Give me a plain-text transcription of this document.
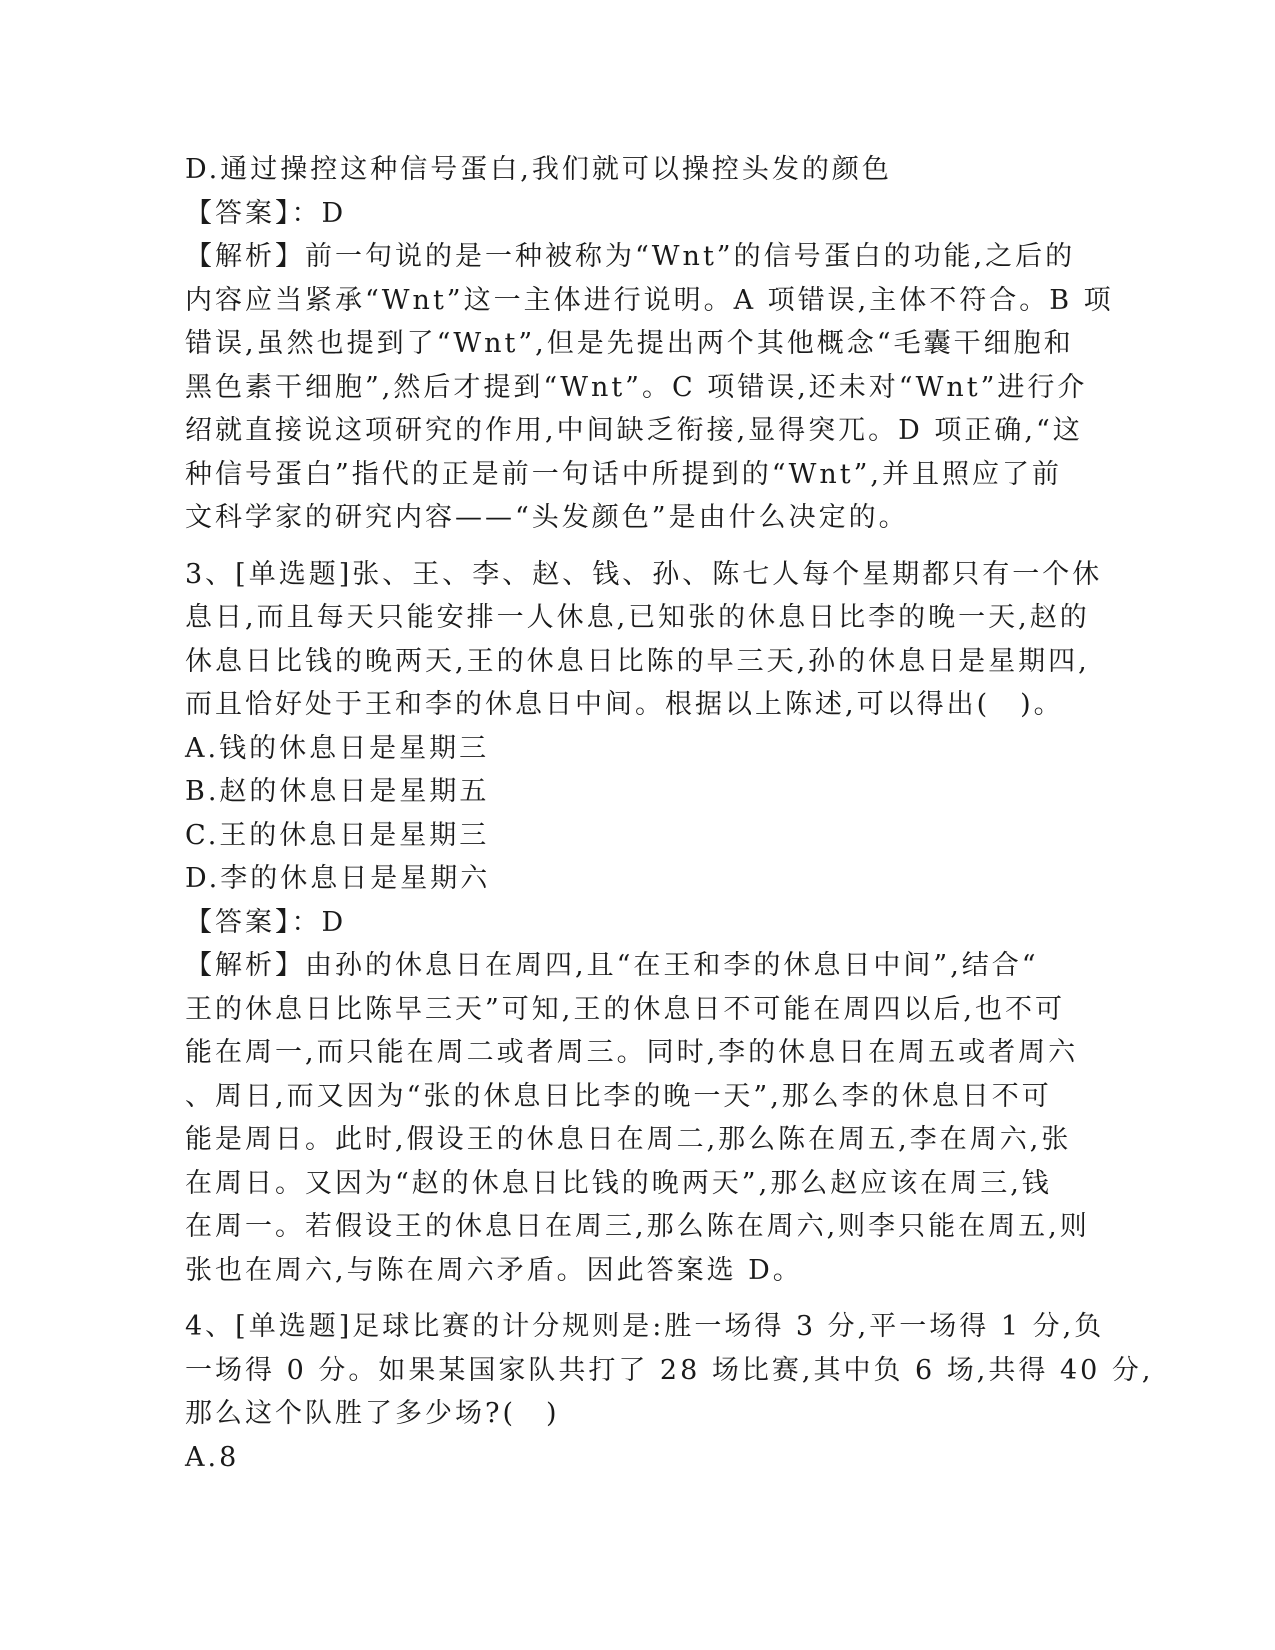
D.通过操控这种信号蛋白,我们就可以操控头发的颜色
【答案】：D
【解析】前一句说的是一种被称为“Wnt”的信号蛋白的功能,之后的
内容应当紧承“Wnt”这一主体进行说明。A 项错误,主体不符合。B 项
错误,虽然也提到了“Wnt”,但是先提出两个其他概念“毛囊干细胞和
黑色素干细胞”,然后才提到“Wnt”。C 项错误,还未对“Wnt”进行介
绍就直接说这项研究的作用,中间缺乏衔接,显得突兀。D 项正确,“这
种信号蛋白”指代的正是前一句话中所提到的“Wnt”,并且照应了前
文科学家的研究内容——“头发颜色”是由什么决定的。
3、[单选题]张、王、李、赵、钱、孙、陈七人每个星期都只有一个休
息日,而且每天只能安排一人休息,已知张的休息日比李的晚一天,赵的
休息日比钱的晚两天,王的休息日比陈的早三天,孙的休息日是星期四,
而且恰好处于王和李的休息日中间。根据以上陈述,可以得出(　)。
A.钱的休息日是星期三
B.赵的休息日是星期五
C.王的休息日是星期三
D.李的休息日是星期六
【答案】：D
【解析】由孙的休息日在周四,且“在王和李的休息日中间”,结合“
王的休息日比陈早三天”可知,王的休息日不可能在周四以后,也不可
能在周一,而只能在周二或者周三。同时,李的休息日在周五或者周六
、周日,而又因为“张的休息日比李的晚一天”,那么李的休息日不可
能是周日。此时,假设王的休息日在周二,那么陈在周五,李在周六,张
在周日。又因为“赵的休息日比钱的晚两天”,那么赵应该在周三,钱
在周一。若假设王的休息日在周三,那么陈在周六,则李只能在周五,则
张也在周六,与陈在周六矛盾。因此答案选 D。
4、[单选题]足球比赛的计分规则是:胜一场得 3 分,平一场得 1 分,负
一场得 0 分。如果某国家队共打了 28 场比赛,其中负 6 场,共得 40 分,
那么这个队胜了多少场?(　)
A.8
